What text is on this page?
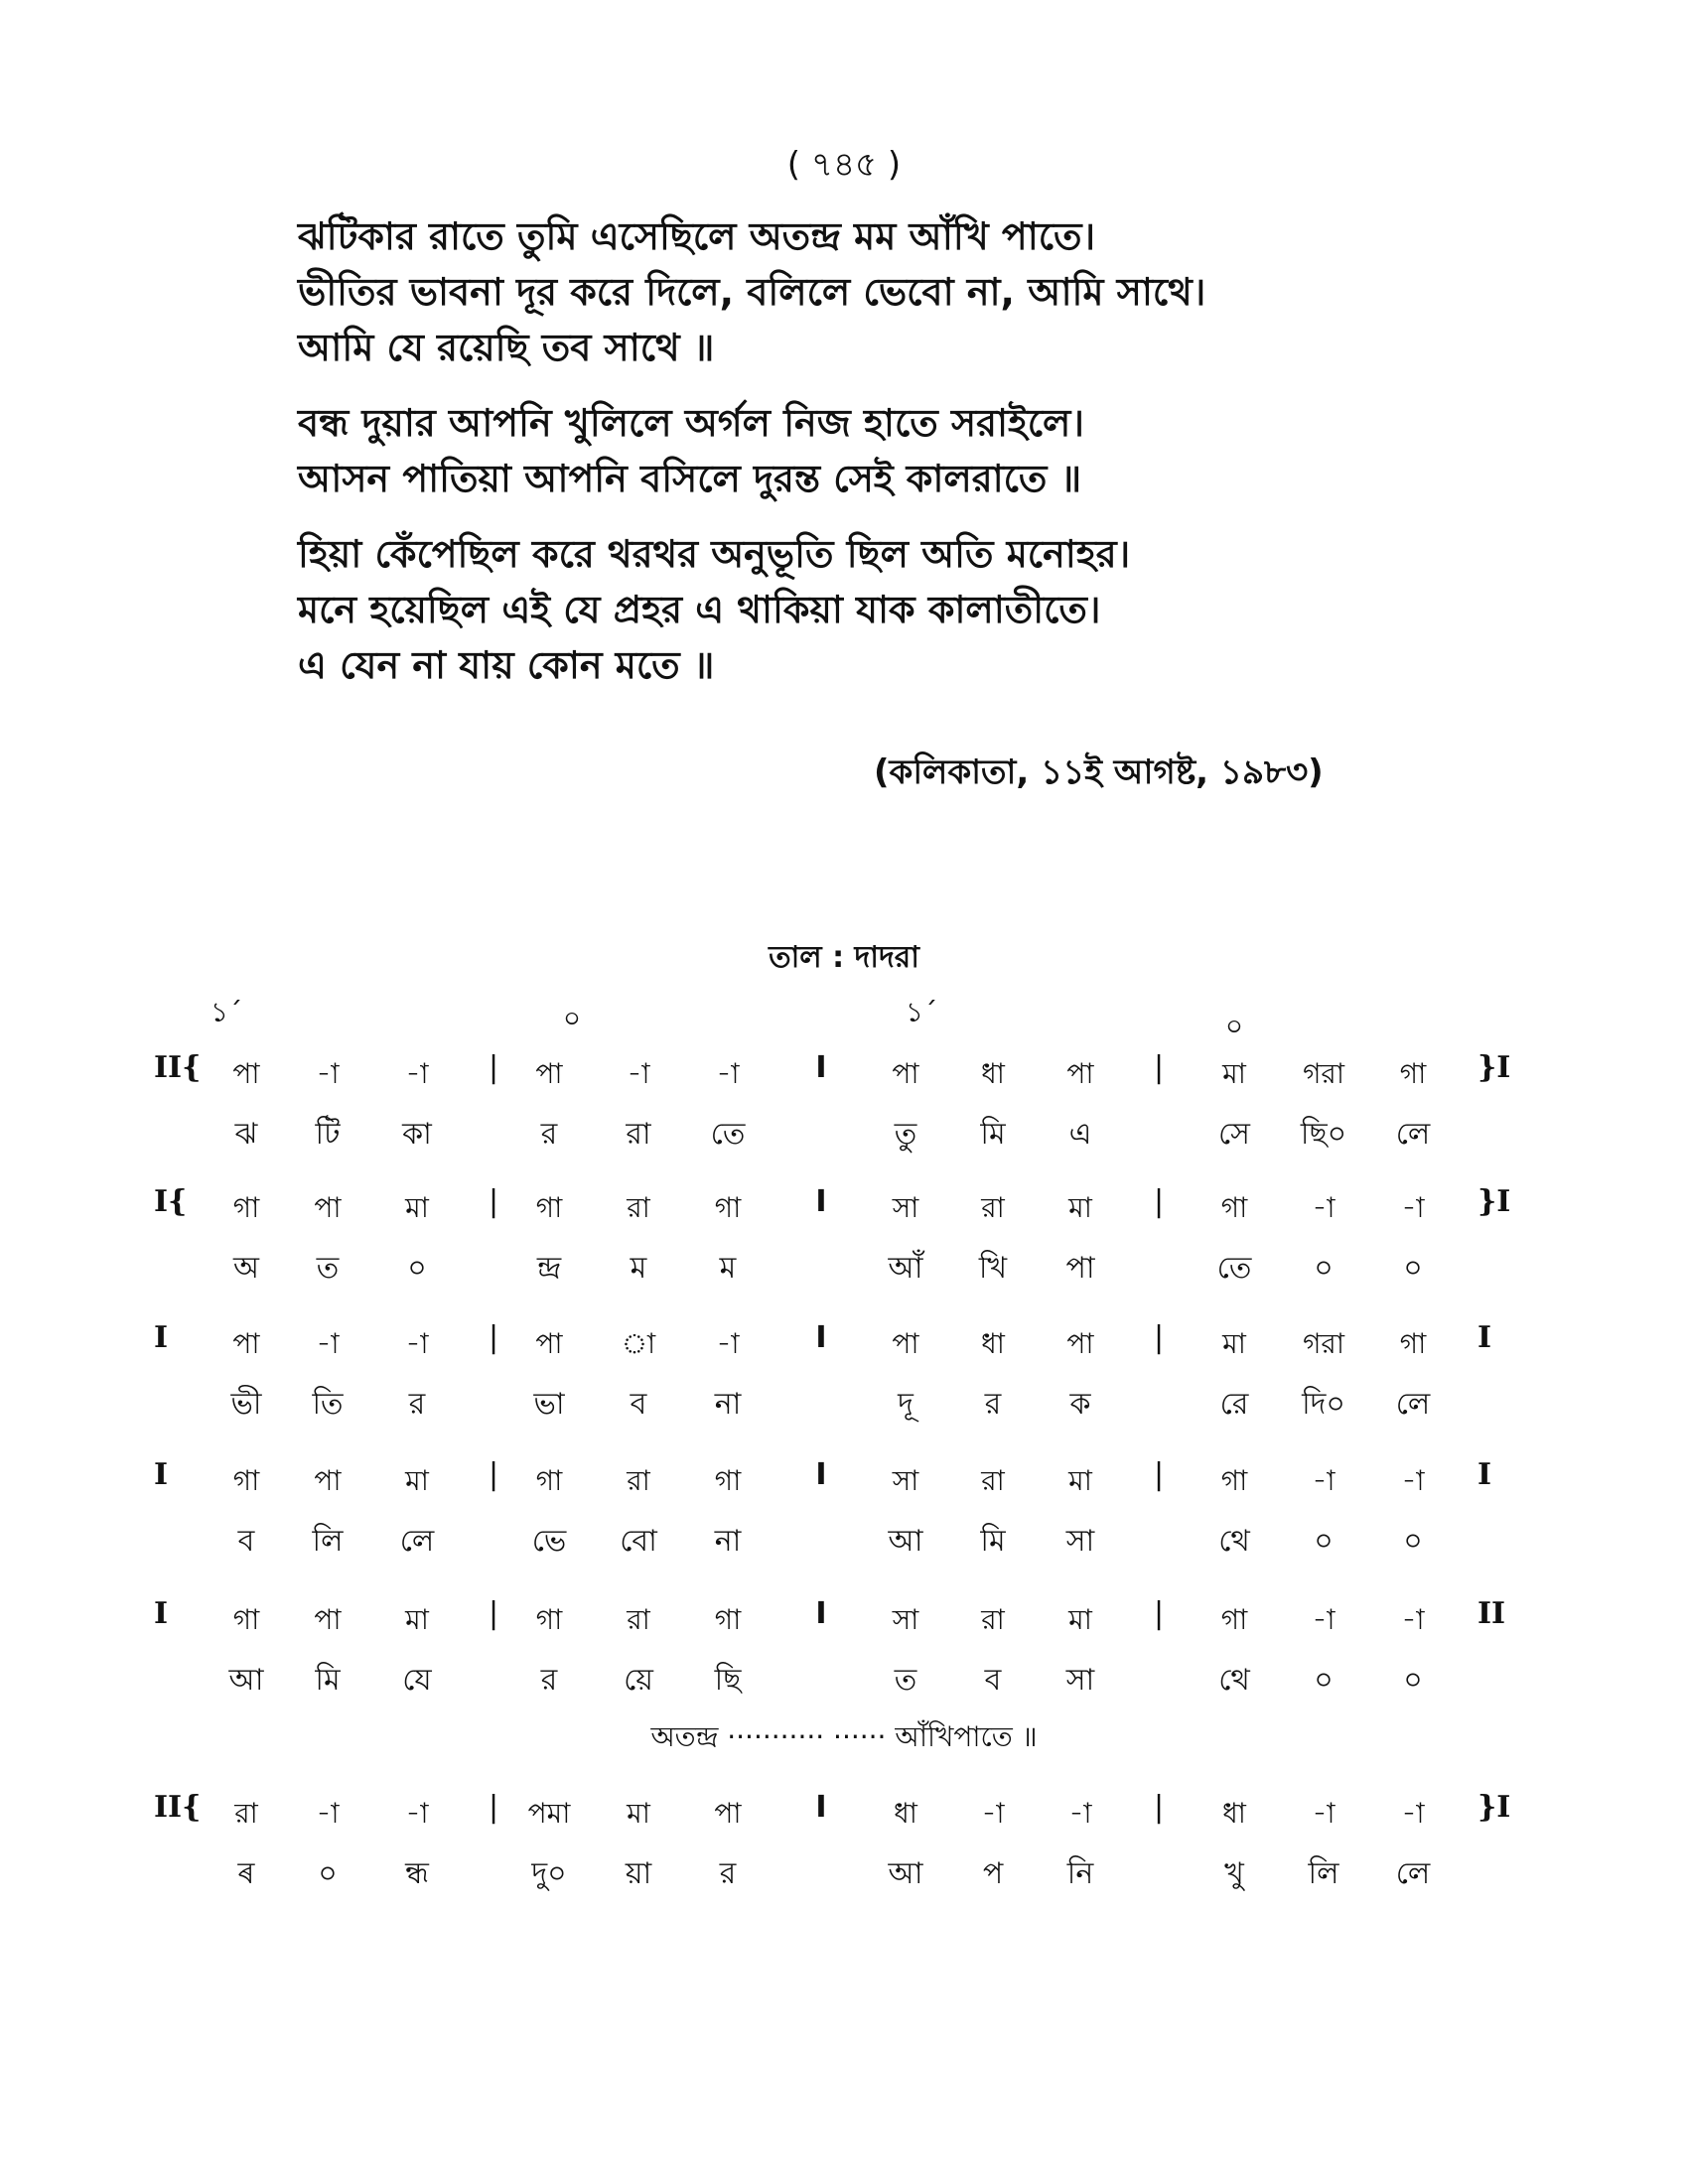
( ৭৪৫ )
ঝটিকার রাতে তুমি এসেছিলে অতন্দ্র মম আঁখি পাতে।
ভীতির ভাবনা দূর করে দিলে, বলিলে ভেবো না, আমি সাথে।
আমি যে রয়েছি তব সাথে ॥
বন্ধ দুয়ার আপনি খুলিলে অর্গল নিজ হাতে সরাইলে।
আসন পাতিয়া আপনি বসিলে দুরন্ত সেই কালরাতে ॥
হিয়া কেঁপেছিল করে থরথর অনুভূতি ছিল অতি মনোহর।
মনে হয়েছিল এই যে প্রহর এ থাকিয়া যাক কালাতীতে।
এ যেন না যায় কোন মতে ॥
(কলিকাতা, ১১ই আগষ্ট, ১৯৮৩)
তাল : দাদরা
১´	০	১´	০
II{	}I
|	I	|
পা	-া	-া	পা	-া	-া	পা	ধা	পা	মা	গরা	গা
ঝ	টি	কা	র	রা	তে	তু	মি	এ	সে	ছি০	লে
I{	}I
|	I	|
গা	পা	মা	গা	রা	গা	সা	রা	মা	গা	-া	-া
অ	ত	০	ন্দ্র	ম	ম	আঁ	খি	পা	তে	০	০
I	I
|	I	|
পা	-া	-া	পা	া	-া	পা	ধা	পা	মা	গরা	গা
ভী	তি	র	ভা	ব	না	দূ	র	ক	রে	দি০	লে
I	I
|	I	|
গা	পা	মা	গা	রা	গা	সা	রা	মা	গা	-া	-া
ব	লি	লে	ভে	বো	না	আ	মি	সা	থে	০	০
I	II
|	I	|
গা	পা	মা	গা	রা	গা	সা	রা	মা	গা	-া	-া
আ	মি	যে	র	য়ে	ছি	ত	ব	সা	থে	০	০
II{	}I
|	I	|
রা	-া	-া	পমা	মা	পা	ধা	-া	-া	ধা	-া	-া
ৰ	০	ন্ধ	দু০	য়া	র	আ	প	নি	খু	লি	লে
অতন্দ্র ··········· ······ আঁখিপাতে ॥
